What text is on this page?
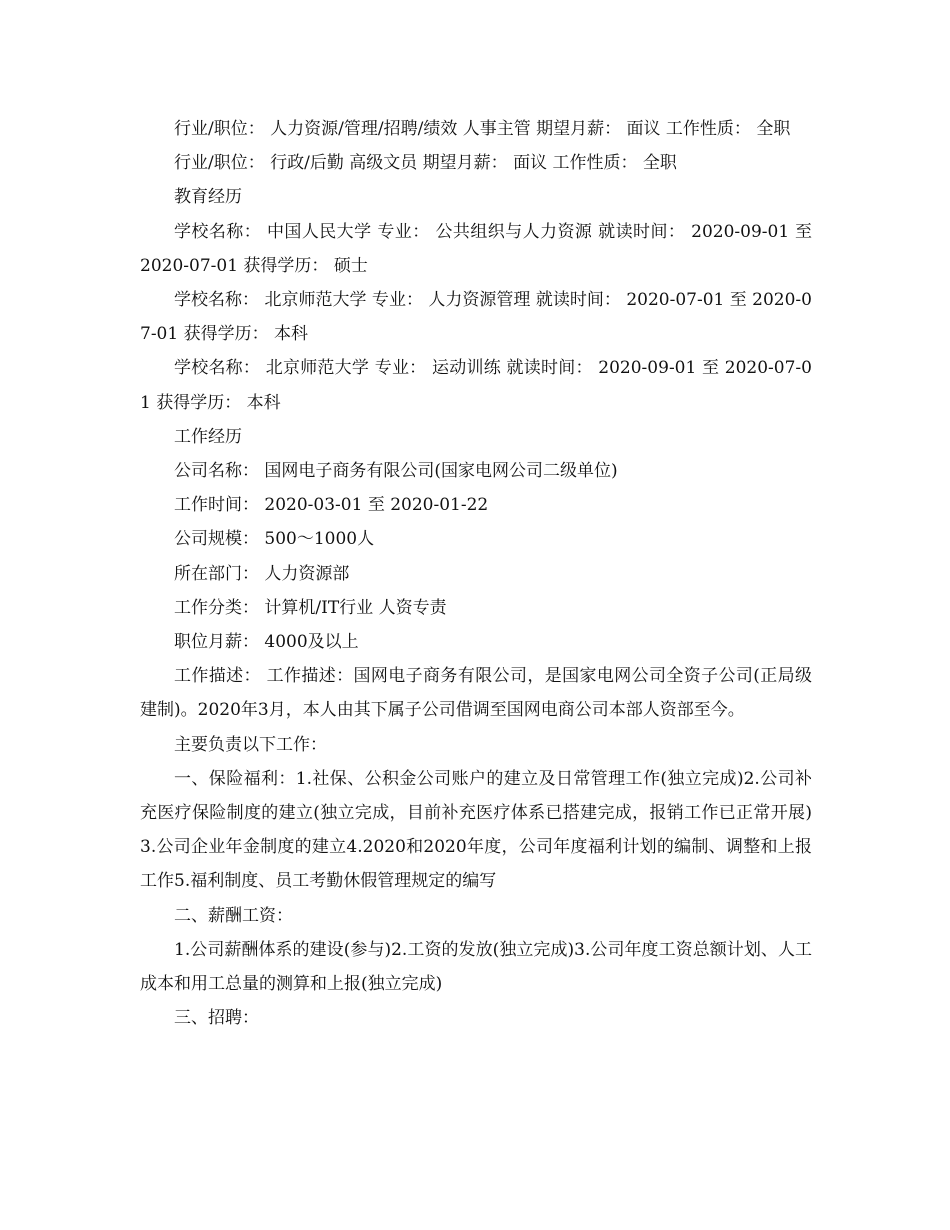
行业/职位： 人力资源/管理/招聘/绩效 人事主管 期望月薪： 面议 工作性质： 全职

行业/职位： 行政/后勤 高级文员 期望月薪： 面议 工作性质： 全职

教育经历

学校名称： 中国人民大学 专业： 公共组织与人力资源 就读时间： 2020-09-01 至 2020-07-01 获得学历： 硕士

学校名称： 北京师范大学 专业： 人力资源管理 就读时间： 2020-07-01 至 2020-07-01 获得学历： 本科

学校名称： 北京师范大学 专业： 运动训练 就读时间： 2020-09-01 至 2020-07-01 获得学历： 本科

工作经历

公司名称： 国网电子商务有限公司(国家电网公司二级单位)

工作时间： 2020-03-01 至 2020-01-22

公司规模： 500～1000人

所在部门： 人力资源部

工作分类： 计算机/IT行业 人资专责

职位月薪： 4000及以上

工作描述： 工作描述：国网电子商务有限公司，是国家电网公司全资子公司(正局级建制)。2020年3月，本人由其下属子公司借调至国网电商公司本部人资部至今。

主要负责以下工作：

一、保险福利：1.社保、公积金公司账户的建立及日常管理工作(独立完成)2.公司补充医疗保险制度的建立(独立完成，目前补充医疗体系已搭建完成，报销工作已正常开展)3.公司企业年金制度的建立4.2020和2020年度，公司年度福利计划的编制、调整和上报工作5.福利制度、员工考勤休假管理规定的编写

二、薪酬工资：

1.公司薪酬体系的建设(参与)2.工资的发放(独立完成)3.公司年度工资总额计划、人工成本和用工总量的测算和上报(独立完成)

三、招聘：
